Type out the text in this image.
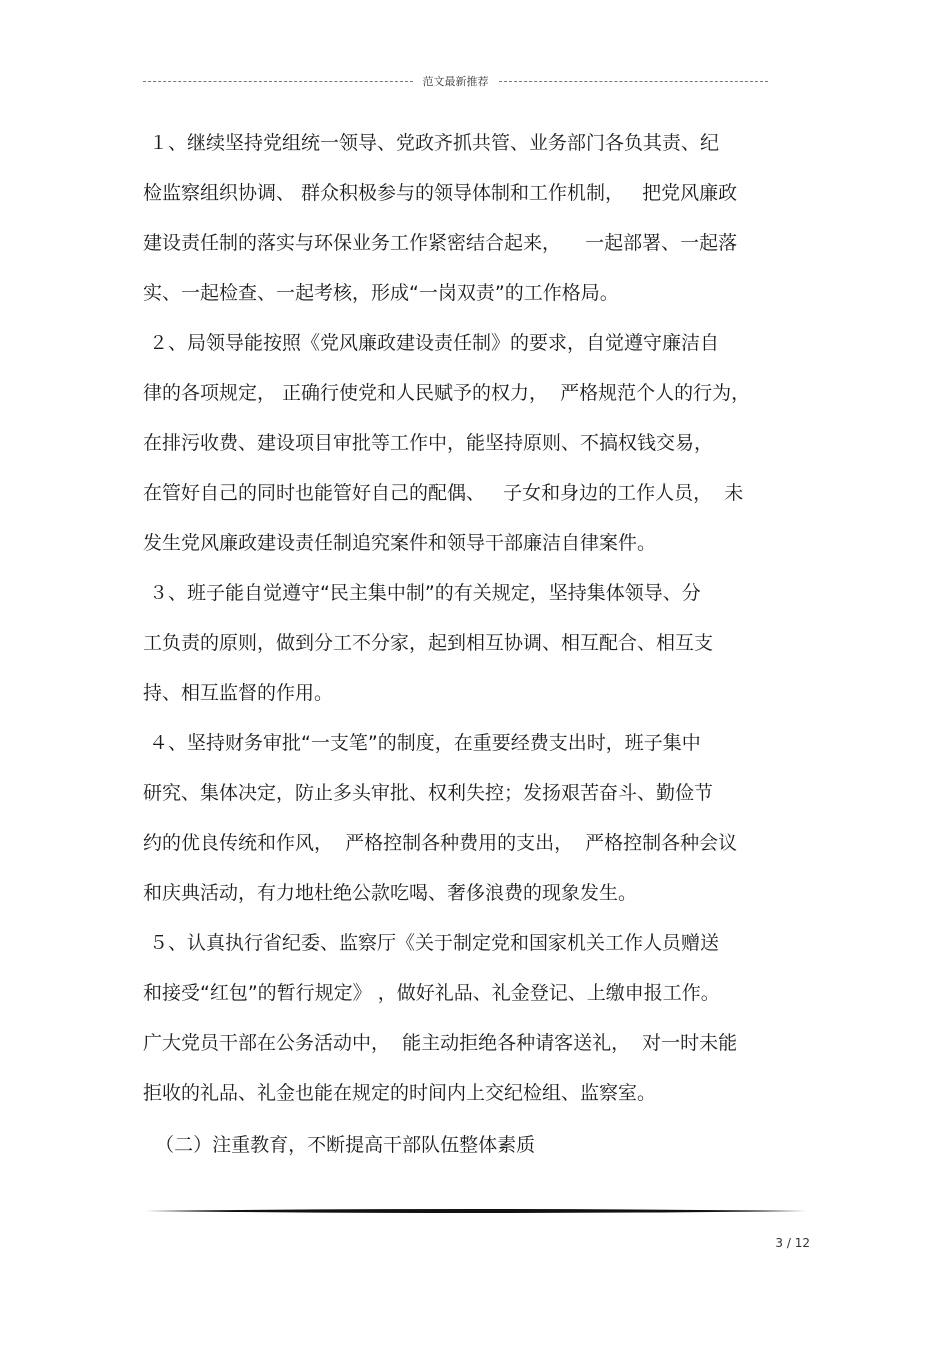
范文最新推荐
１、继续坚持党组统一领导、党政齐抓共管、业务部门各负其责、纪
检监察组织协调、 群众积极参与的领导体制和工作机制，   把党风廉政
建设责任制的落实与环保业务工作紧密结合起来，    一起部署、一起落
实、一起检查、一起考核，形成“一岗双责”的工作格局。
２、局领导能按照《党风廉政建设责任制》的要求，自觉遵守廉洁自
律的各项规定， 正确行使党和人民赋予的权力，  严格规范个人的行为，
在排污收费、建设项目审批等工作中，能坚持原则、不搞权钱交易，
在管好自己的同时也能管好自己的配偶、   子女和身边的工作人员，  未
发生党风廉政建设责任制追究案件和领导干部廉洁自律案件。
３、班子能自觉遵守“民主集中制”的有关规定，坚持集体领导、分
工负责的原则，做到分工不分家，起到相互协调、相互配合、相互支
持、相互监督的作用。
４、坚持财务审批“一支笔”的制度，在重要经费支出时，班子集中
研究、集体决定，防止多头审批、权利失控；发扬艰苦奋斗、勤俭节
约的优良传统和作风，  严格控制各种费用的支出，  严格控制各种会议
和庆典活动，有力地杜绝公款吃喝、奢侈浪费的现象发生。
５、认真执行省纪委、监察厅《关于制定党和国家机关工作人员赠送
和接受“红包”的暂行规定》 ，做好礼品、礼金登记、上缴申报工作。
广大党员干部在公务活动中，  能主动拒绝各种请客送礼，  对一时未能
拒收的礼品、礼金也能在规定的时间内上交纪检组、监察室。
（二）注重教育，不断提高干部队伍整体素质
3 / 12
